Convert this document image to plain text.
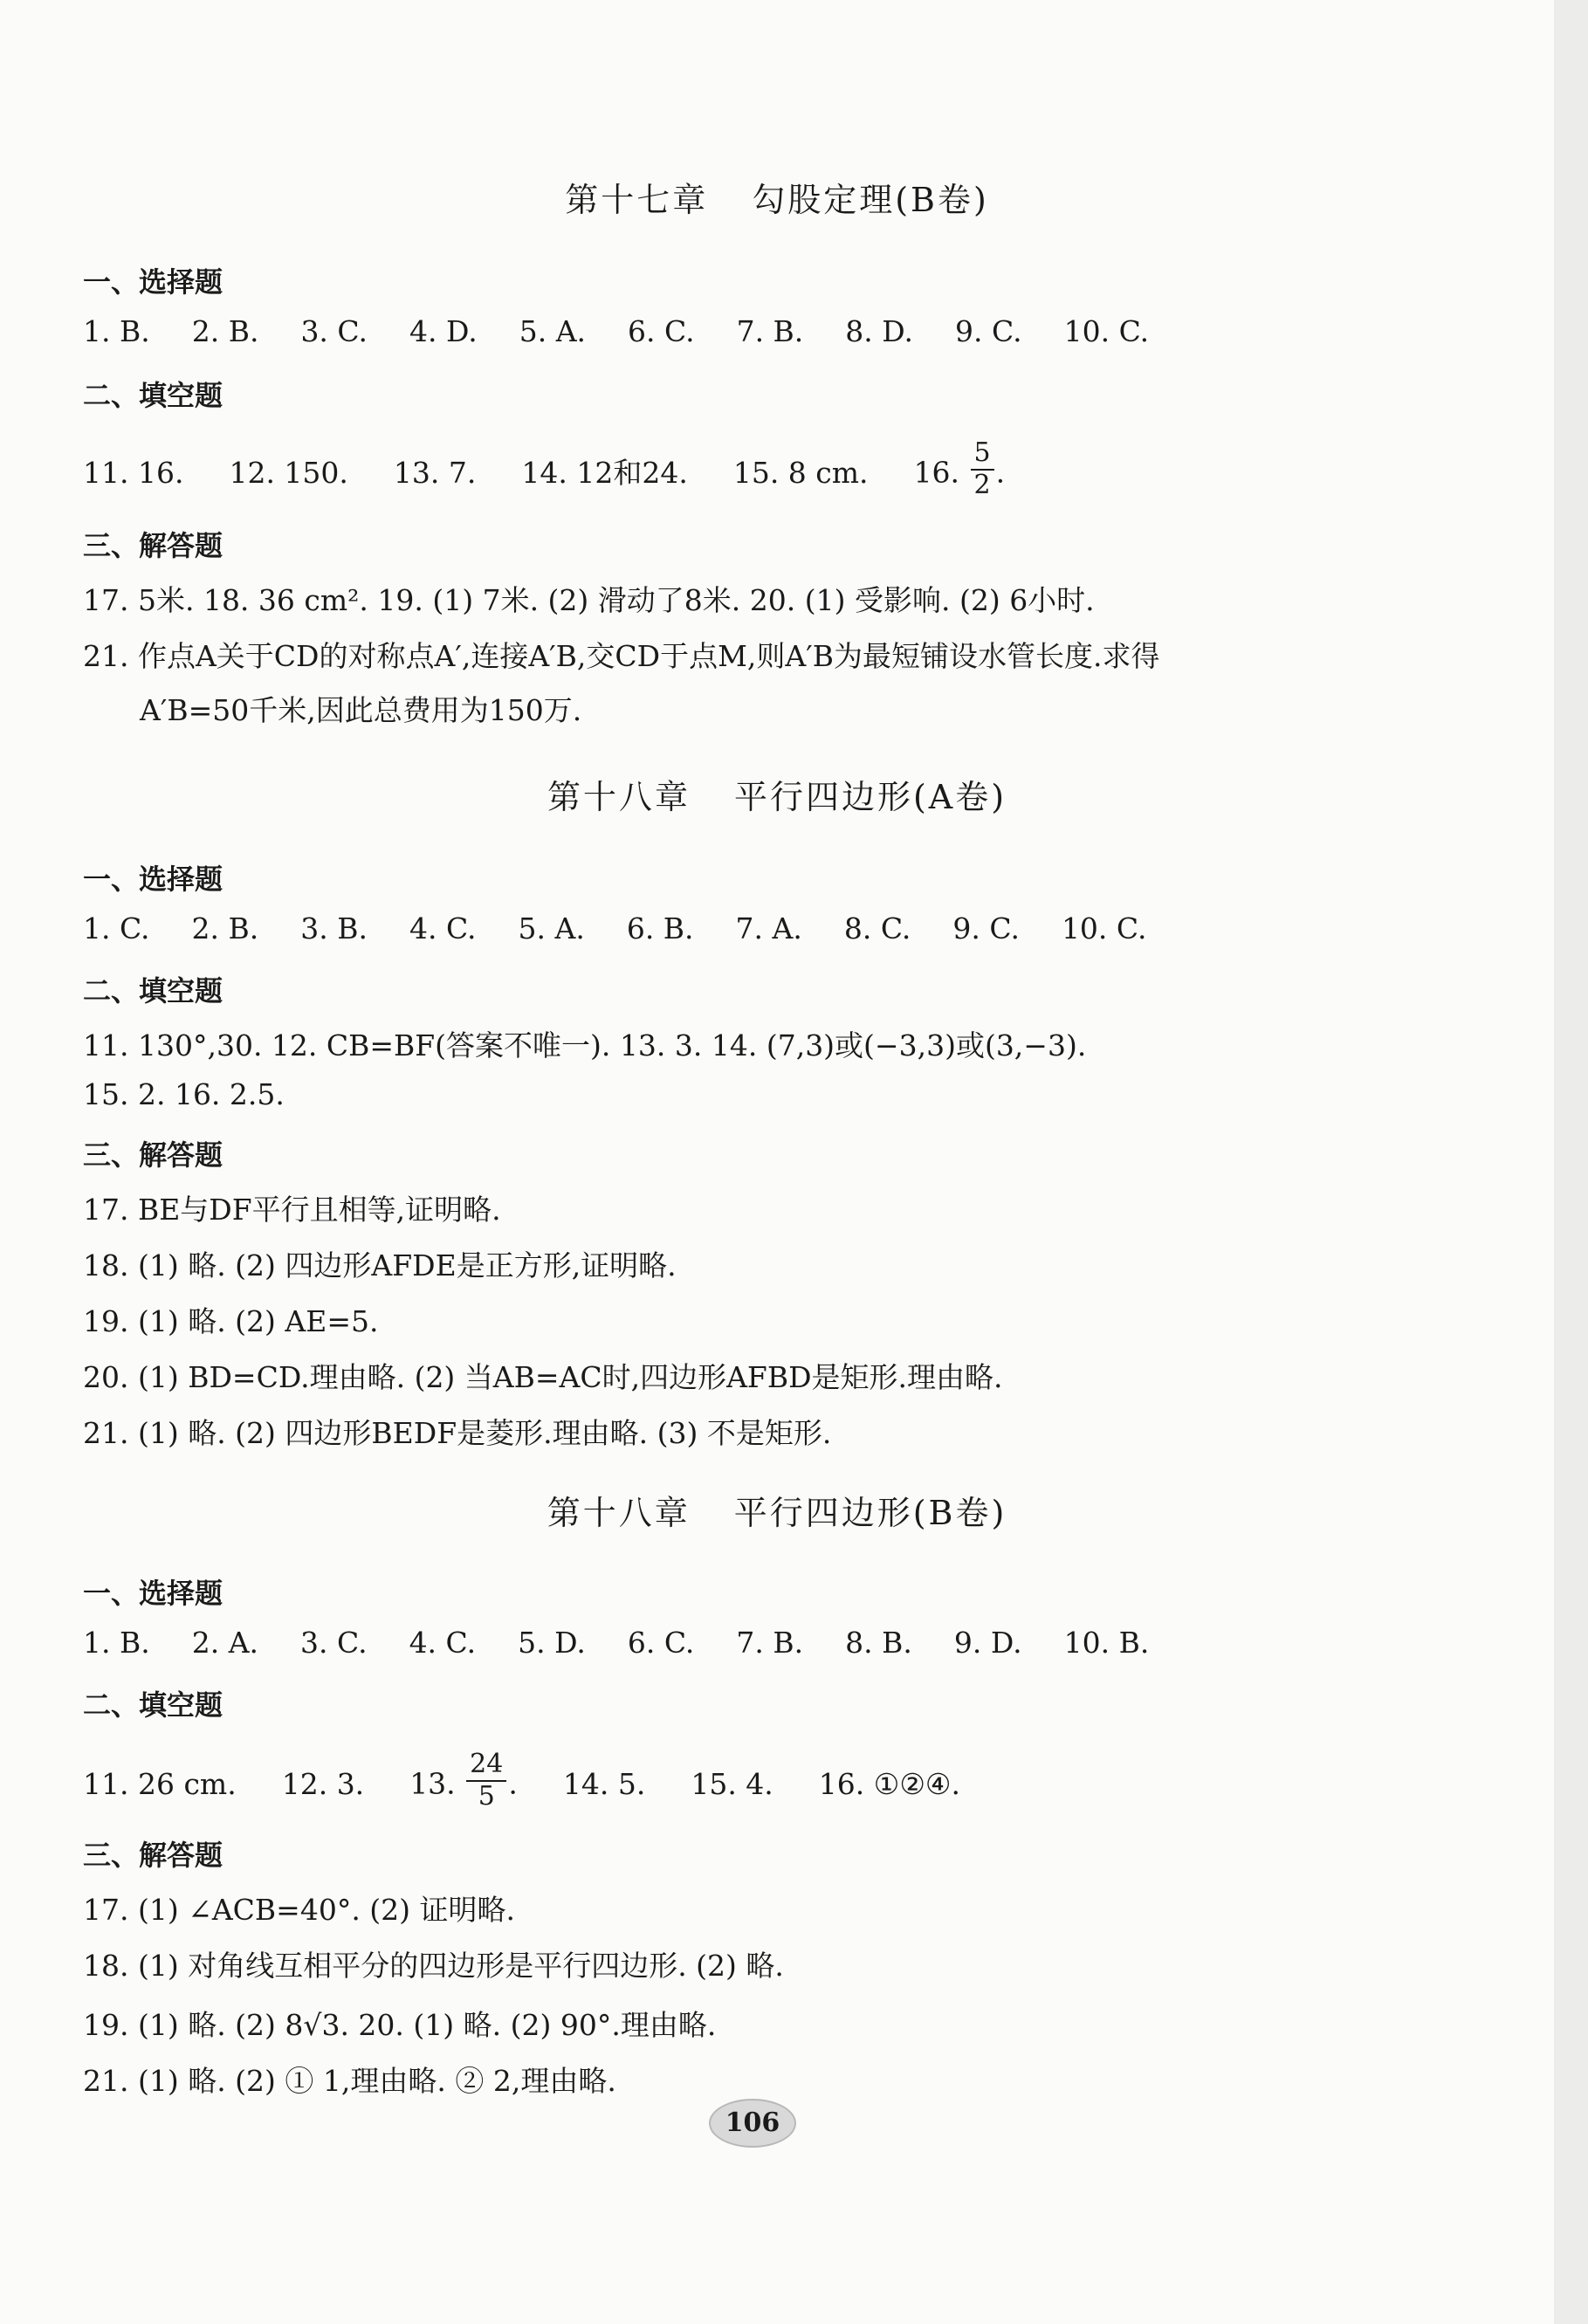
第十七章 勾股定理(B卷)
一、选择题
1. B. 2. B. 3. C. 4. D. 5. A. 6. C. 7. B. 8. D. 9. C. 10. C.
二、填空题
11. 16. 12. 150. 13. 7. 14. 12和24. 15. 8 cm. 16. $\frac{5}{2}$ .
三、解答题
17. 5米. 18. 36 cm². 19. (1) 7米. (2) 滑动了8米. 20. (1) 受影响. (2) 6小时.
21. 作点A关于CD的对称点A′,连接A′B,交CD于点M,则A′B为最短铺设水管长度.求得
A′B=50千米,因此总费用为150万.
第十八章 平行四边形(A卷)
一、选择题
1. C. 2. B. 3. B. 4. C. 5. A. 6. B. 7. A. 8. C. 9. C. 10. C.
二、填空题
11. 130°,30. 12. CB=BF(答案不唯一). 13. 3. 14. (7,3)或(−3,3)或(3,−3).
15. 2. 16. 2.5.
三、解答题
17. BE与DF平行且相等,证明略.
18. (1) 略. (2) 四边形AFDE是正方形,证明略.
19. (1) 略. (2) AE=5.
20. (1) BD=CD.理由略. (2) 当AB=AC时,四边形AFBD是矩形.理由略.
21. (1) 略. (2) 四边形BEDF是菱形.理由略. (3) 不是矩形.
第十八章 平行四边形(B卷)
一、选择题
1. B. 2. A. 3. C. 4. C. 5. D. 6. C. 7. B. 8. B. 9. D. 10. B.
二、填空题
11. 26 cm. 12. 3. 13. $\frac{24}{5}$ . 14. 5. 15. 4. 16. ①②④.
三、解答题
17. (1) ∠ACB=40°. (2) 证明略.
18. (1) 对角线互相平分的四边形是平行四边形. (2) 略.
19. (1) 略. (2) 8√3. 20. (1) 略. (2) 90°.理由略.
21. (1) 略. (2) ① 1,理由略. ② 2,理由略.
106
